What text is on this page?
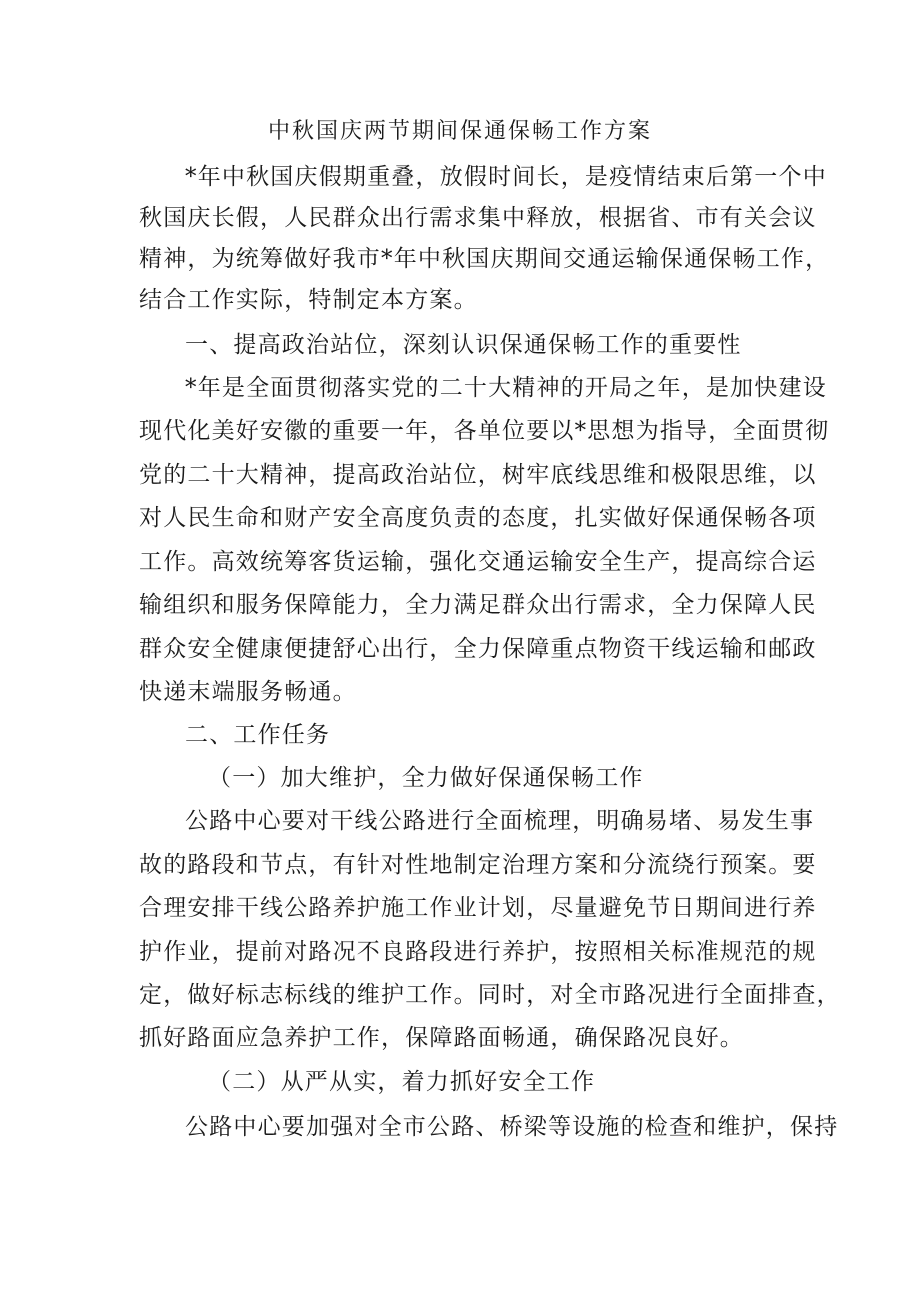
中秋国庆两节期间保通保畅工作方案
*年中秋国庆假期重叠，放假时间长，是疫情结束后第一个中
秋国庆长假，人民群众出行需求集中释放，根据省、市有关会议
精神，为统筹做好我市*年中秋国庆期间交通运输保通保畅工作，
结合工作实际，特制定本方案。
一、提高政治站位，深刻认识保通保畅工作的重要性
*年是全面贯彻落实党的二十大精神的开局之年，是加快建设
现代化美好安徽的重要一年，各单位要以*思想为指导，全面贯彻
党的二十大精神，提高政治站位，树牢底线思维和极限思维，以
对人民生命和财产安全高度负责的态度，扎实做好保通保畅各项
工作。高效统筹客货运输，强化交通运输安全生产，提高综合运
输组织和服务保障能力，全力满足群众出行需求，全力保障人民
群众安全健康便捷舒心出行，全力保障重点物资干线运输和邮政
快递末端服务畅通。
二、工作任务
（一）加大维护，全力做好保通保畅工作
公路中心要对干线公路进行全面梳理，明确易堵、易发生事
故的路段和节点，有针对性地制定治理方案和分流绕行预案。要
合理安排干线公路养护施工作业计划，尽量避免节日期间进行养
护作业，提前对路况不良路段进行养护，按照相关标准规范的规
定，做好标志标线的维护工作。同时，对全市路况进行全面排查，
抓好路面应急养护工作，保障路面畅通，确保路况良好。
（二）从严从实，着力抓好安全工作
公路中心要加强对全市公路、桥梁等设施的检查和维护，保持
